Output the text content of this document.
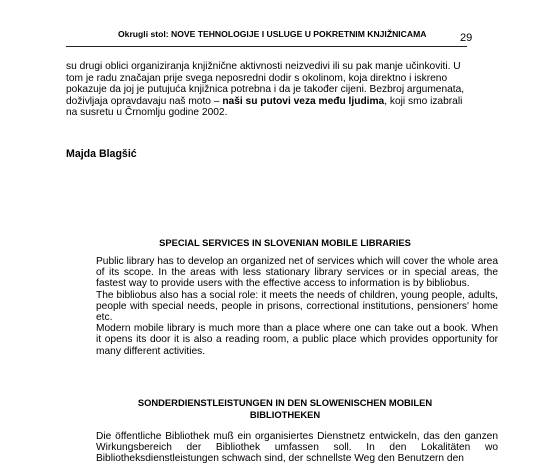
Okrugli stol: NOVE TEHNOLOGIJE I USLUGE U POKRETNIM KNJIŽNICAMA	29

su drugi oblici organiziranja knjižnične aktivnosti neizvedivi ili su pak manje učinkoviti. U tom je radu značajan prije svega neposredni dodir s okolinom, koja direktno i iskreno pokazuje da joj je putujuća knjižnica potrebna i da je također cijeni. Bezbroj argumenata, doživljaja opravdavaju naš moto – naši su putovi veza među ljudima, koji smo izabrali na susretu u Črnomlju godine 2002.

Majda Blagšić
SPECIAL SERVICES IN SLOVENIAN MOBILE LIBRARIES

Public library has to develop an organized net of services which will cover the whole area of its scope. In the areas with less stationary library services or in special areas, the fastest way to provide users with the effective access to information is by bibliobus.

The bibliobus also has a social role: it meets the needs of children, young people, adults, people with special needs, people in prisons, correctional institutions, pensioners' home etc.

Modern mobile library is much more than a place where one can take out a book. When it opens its door it is also a reading room, a public place which provides opportunity for many different activities.

SONDERDIENSTLEISTUNGEN IN DEN SLOWENISCHEN MOBILEN
BIBLIOTHEKEN

Die öffentliche Bibliothek muß ein organisiertes Dienstnetz entwickeln, das den ganzen Wirkungsbereich der Bibliothek umfassen soll. In den Lokalitäten wo Bibliotheksdienstleistungen schwach sind, der schnellste Weg den Benutzern den
